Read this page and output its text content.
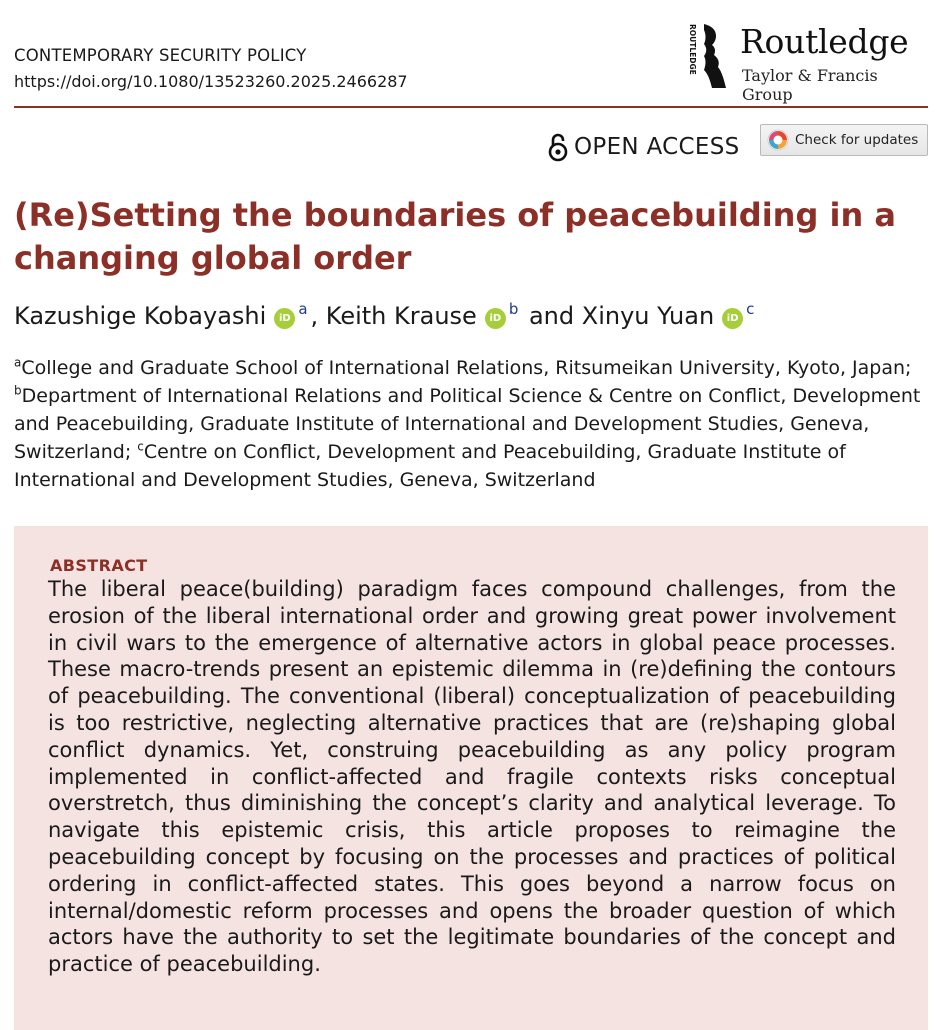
CONTEMPORARY SECURITY POLICY
https://doi.org/10.1080/13523260.2025.2466287
ROUTLEDGE Routledge
Taylor & Francis Group
OPEN ACCESS	Check for updates
(Re)Setting the boundaries of peacebuilding in a changing global order
Kazushige Kobayashi iD$^a$ , Keith Krause iD$^b$ and Xinyu Yuan iD$^c$
$^a$College and Graduate School of International Relations, Ritsumeikan University, Kyoto, Japan; $^b$Department of International Relations and Political Science & Centre on Conflict, Development and Peacebuilding, Graduate Institute of International and Development Studies, Geneva, Switzerland; $^c$Centre on Conflict, Development and Peacebuilding, Graduate Institute of International and Development Studies, Geneva, Switzerland
ABSTRACT

The liberal peace(building) paradigm faces compound challenges, from the erosion of the liberal international order and growing great power involvement in civil wars to the emergence of alternative actors in global peace processes. These macro-trends present an epistemic dilemma in (re)defining the contours of peacebuilding. The conventional (liberal) conceptualization of peacebuilding is too restrictive, neglecting alternative practices that are (re)shaping global conflict dynamics. Yet, construing peacebuilding as any policy program implemented in conflict-affected and fragile contexts risks conceptual overstretch, thus diminishing the concept’s clarity and analytical leverage. To navigate this epistemic crisis, this article proposes to reimagine the peacebuilding concept by focusing on the processes and practices of political ordering in conflict-affected states. This goes beyond a narrow focus on internal/domestic reform processes and opens the broader question of which actors have the authority to set the legitimate boundaries of the concept and practice of peacebuilding.
